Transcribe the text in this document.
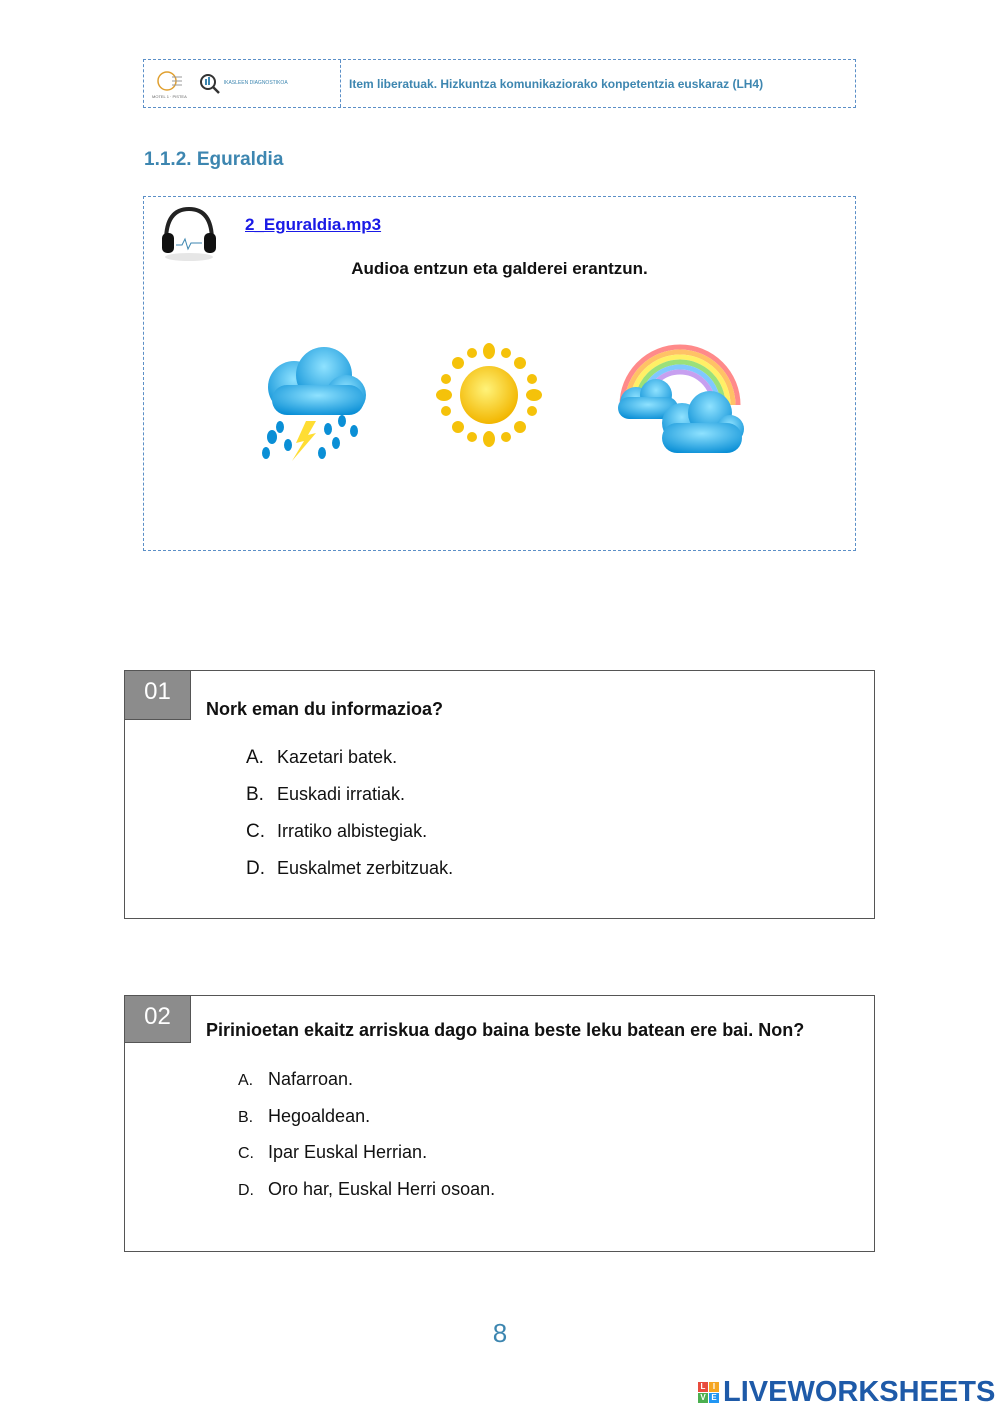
MOTEL 1 · PISTEA
IKASLEEN DIAGNOSTIKOA	Item liberatuak. Hizkuntza komunikaziorako konpetentzia euskaraz (LH4)
1.1.2. Eguraldia
2_Eguraldia.mp3
Audioa entzun eta galderei erantzun.
01
Nork eman du informazioa?
A. Kazetari batek.
B. Euskadi irratiak.
C. Irratiko albistegiak.
D. Euskalmet zerbitzuak.
02	Pirinioetan ekaitz arriskua dago baina beste leku batean ere bai. Non?
A. Nafarroan.
B. Hegoaldean.
C. Ipar Euskal Herrian.
D. Oro har, Euskal Herri osoan.
8
L I
V E LIVEWORKSHEETS
